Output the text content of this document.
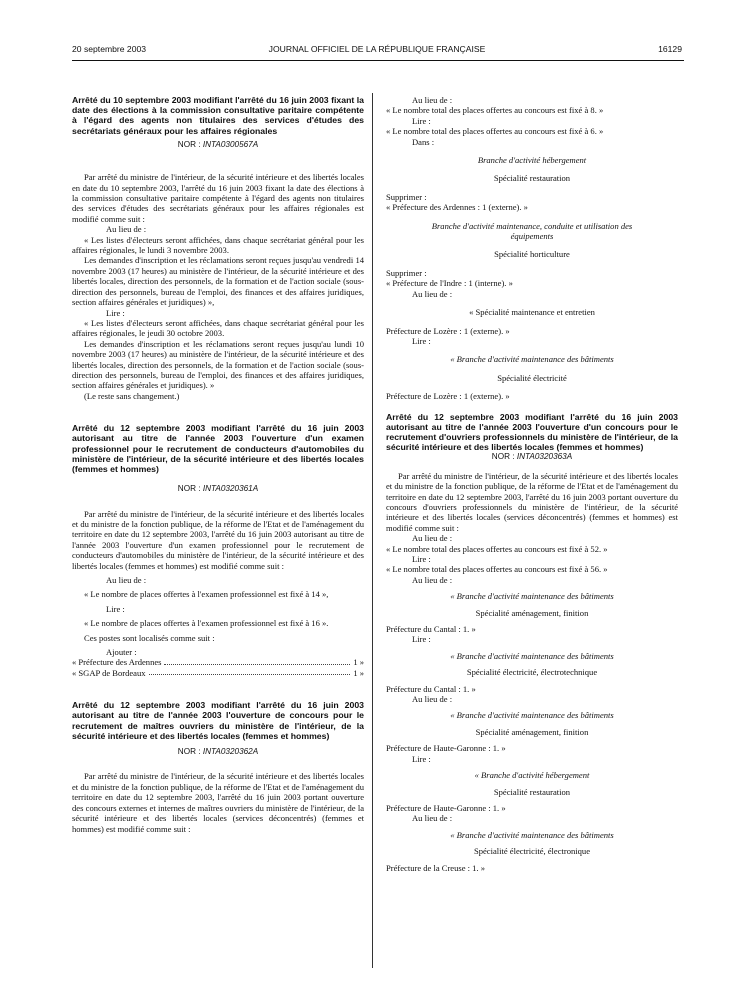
20 septembre 2003	JOURNAL OFFICIEL DE LA RÉPUBLIQUE FRANÇAISE	16129

Arrêté du 10 septembre 2003 modifiant l'arrêté du 16 juin 2003 fixant la date des élections à la commission consultative paritaire compétente à l'égard des agents non titulaires des services d'études des secrétariats généraux pour les affaires régionales

NOR : INTA0300567A

Par arrêté du ministre de l'intérieur, de la sécurité intérieure et des libertés locales en date du 10 septembre 2003, l'arrêté du 16 juin 2003 fixant la date des élections à la commission consultative paritaire compétente à l'égard des agents non titulaires des services d'études des secrétariats généraux pour les affaires régionales est modifié comme suit :

Au lieu de :

« Les listes d'électeurs seront affichées, dans chaque secrétariat général pour les affaires régionales, le lundi 3 novembre 2003.

Les demandes d'inscription et les réclamations seront reçues jusqu'au vendredi 14 novembre 2003 (17 heures) au ministère de l'intérieur, de la sécurité intérieure et des libertés locales, direction des personnels, de la formation et de l'action sociale (sous-direction des personnels, bureau de l'emploi, des finances et des affaires juridiques, section affaires générales et juridiques) »,

Lire :

« Les listes d'électeurs seront affichées, dans chaque secrétariat général pour les affaires régionales, le jeudi 30 octobre 2003.

Les demandes d'inscription et les réclamations seront reçues jusqu'au lundi 10 novembre 2003 (17 heures) au ministère de l'intérieur, de la sécurité intérieure et des libertés locales, direction des personnels, de la formation et de l'action sociale (sous-direction des personnels, bureau de l'emploi, des finances et des affaires juridiques, section affaires générales et juridiques). »

(Le reste sans changement.)

Arrêté du 12 septembre 2003 modifiant l'arrêté du 16 juin 2003 autorisant au titre de l'année 2003 l'ouverture d'un examen professionnel pour le recrutement de conducteurs d'automobiles du ministère de l'intérieur, de la sécurité intérieure et des libertés locales (femmes et hommes)

NOR : INTA0320361A

Par arrêté du ministre de l'intérieur, de la sécurité intérieure et des libertés locales et du ministre de la fonction publique, de la réforme de l'Etat et de l'aménagement du territoire en date du 12 septembre 2003, l'arrêté du 16 juin 2003 autorisant au titre de l'année 2003 l'ouverture d'un examen professionnel pour le recrutement de conducteurs d'automobiles du ministère de l'intérieur, de la sécurité intérieure et des libertés locales (femmes et hommes) est modifié comme suit :

Au lieu de :

« Le nombre de places offertes à l'examen professionnel est fixé à 14 »,

Lire :

« Le nombre de places offertes à l'examen professionnel est fixé à 16 ».

Ces postes sont localisés comme suit :

Ajouter :

« Préfecture des Ardennes	1 »
« SGAP de Bordeaux	1 »

Arrêté du 12 septembre 2003 modifiant l'arrêté du 16 juin 2003 autorisant au titre de l'année 2003 l'ouverture de concours pour le recrutement de maîtres ouvriers du ministère de l'intérieur, de la sécurité intérieure et des libertés locales (femmes et hommes)

NOR : INTA0320362A

Par arrêté du ministre de l'intérieur, de la sécurité intérieure et des libertés locales et du ministre de la fonction publique, de la réforme de l'Etat et de l'aménagement du territoire en date du 12 septembre 2003, l'arrêté du 16 juin 2003 portant ouverture des concours externes et internes de maîtres ouvriers du ministère de l'intérieur, de la sécurité intérieure et des libertés locales (services déconcentrés) (femmes et hommes) est modifié comme suit :

Au lieu de :

« Le nombre total des places offertes au concours est fixé à 8. »

Lire :

« Le nombre total des places offertes au concours est fixé à 6. »

Dans :

Branche d'activité hébergement

Spécialité restauration

Supprimer :

« Préfecture des Ardennes : 1 (externe). »

Branche d'activité maintenance, conduite et utilisation des équipements

Spécialité horticulture

Supprimer :

« Préfecture de l'Indre : 1 (interne). »

Au lieu de :

« Spécialité maintenance et entretien

Préfecture de Lozère : 1 (externe). »

Lire :

« Branche d'activité maintenance des bâtiments

Spécialité électricité

Préfecture de Lozère : 1 (externe). »

Arrêté du 12 septembre 2003 modifiant l'arrêté du 16 juin 2003 autorisant au titre de l'année 2003 l'ouverture d'un concours pour le recrutement d'ouvriers professionnels du ministère de l'intérieur, de la sécurité intérieure et des libertés locales (femmes et hommes)

NOR : INTA0320363A

Par arrêté du ministre de l'intérieur, de la sécurité intérieure et des libertés locales et du ministre de la fonction publique, de la réforme de l'Etat et de l'aménagement du territoire en date du 12 septembre 2003, l'arrêté du 16 juin 2003 portant ouverture du concours d'ouvriers professionnels du ministère de l'intérieur, de la sécurité intérieure et des libertés locales (services déconcentrés) (femmes et hommes) est modifié comme suit :

Au lieu de :

« Le nombre total des places offertes au concours est fixé à 52. »

Lire :

« Le nombre total des places offertes au concours est fixé à 56. »

Au lieu de :

« Branche d'activité maintenance des bâtiments

Spécialité aménagement, finition

Préfecture du Cantal : 1. »

Lire :

« Branche d'activité maintenance des bâtiments

Spécialité électricité, électrotechnique

Préfecture du Cantal : 1. »

Au lieu de :

« Branche d'activité maintenance des bâtiments

Spécialité aménagement, finition

Préfecture de Haute-Garonne : 1. »

Lire :

« Branche d'activité hébergement

Spécialité restauration

Préfecture de Haute-Garonne : 1. »

Au lieu de :

« Branche d'activité maintenance des bâtiments

Spécialité électricité, électronique

Préfecture de la Creuse : 1. »
